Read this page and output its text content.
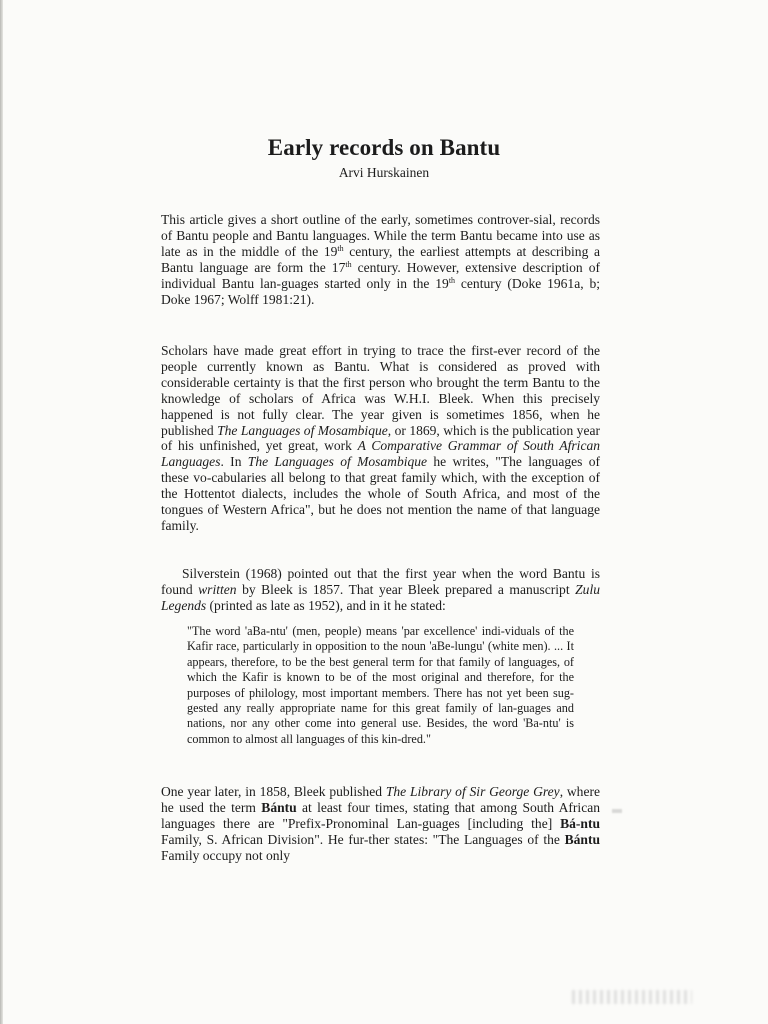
Early records on Bantu
Arvi Hurskainen

This article gives a short outline of the early, sometimes controver-sial, records of Bantu people and Bantu languages. While the term Bantu became into use as late as in the middle of the 19th century, the earliest attempts at describing a Bantu language are form the 17th century. However, extensive description of individual Bantu lan-guages started only in the 19th century (Doke 1961a, b; Doke 1967; Wolff 1981:21).

Scholars have made great effort in trying to trace the first-ever record of the people currently known as Bantu. What is considered as proved with considerable certainty is that the first person who brought the term Bantu to the knowledge of scholars of Africa was W.H.I. Bleek. When this precisely happened is not fully clear. The year given is sometimes 1856, when he published The Languages of Mosambique, or 1869, which is the publication year of his unfinished, yet great, work A Comparative Grammar of South African Languages. In The Languages of Mosambique he writes, "The languages of these vo-cabularies all belong to that great family which, with the exception of the Hottentot dialects, includes the whole of South Africa, and most of the tongues of Western Africa", but he does not mention the name of that language family.

Silverstein (1968) pointed out that the first year when the word Bantu is found written by Bleek is 1857. That year Bleek prepared a manuscript Zulu Legends (printed as late as 1952), and in it he stated:

"The word 'aBa-ntu' (men, people) means 'par excellence' indi-viduals of the Kafir race, particularly in opposition to the noun 'aBe-lungu' (white men). ... It appears, therefore, to be the best general term for that family of languages, of which the Kafir is known to be of the most original and therefore, for the purposes of philology, most important members. There has not yet been sug-gested any really appropriate name for this great family of lan-guages and nations, nor any other come into general use. Besides, the word 'Ba-ntu' is common to almost all languages of this kin-dred."

One year later, in 1858, Bleek published The Library of Sir George Grey, where he used the term Bántu at least four times, stating that among South African languages there are "Prefix-Pronominal Lan-guages [including the] Bá-ntu Family, S. African Division". He fur-ther states: "The Languages of the Bántu Family occupy not only
